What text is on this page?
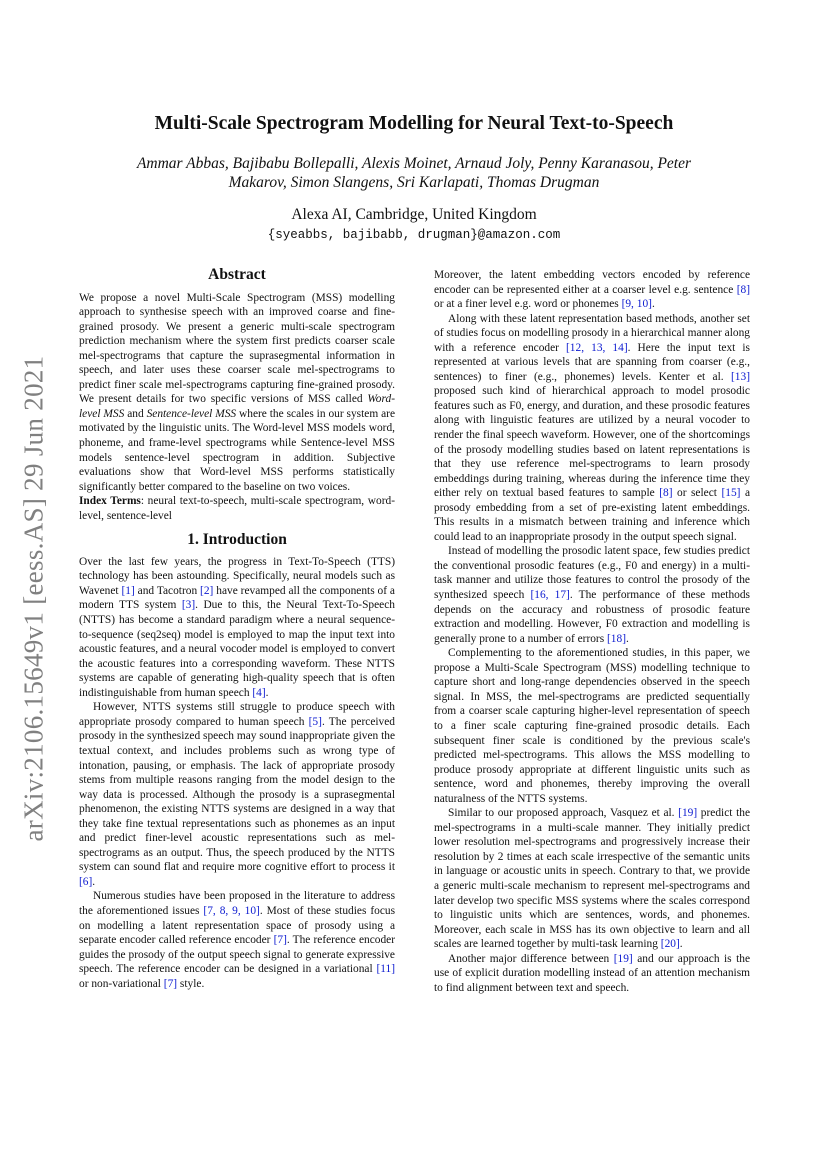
arXiv:2106.15649v1 [eess.AS] 29 Jun 2021
Multi-Scale Spectrogram Modelling for Neural Text-to-Speech
Ammar Abbas, Bajibabu Bollepalli, Alexis Moinet, Arnaud Joly, Penny Karanasou, Peter Makarov, Simon Slangens, Sri Karlapati, Thomas Drugman
Alexa AI, Cambridge, United Kingdom
{syeabbs, bajibabb, drugman}@amazon.com
Abstract

We propose a novel Multi-Scale Spectrogram (MSS) modelling approach to synthesise speech with an improved coarse and fine-grained prosody. We present a generic multi-scale spectrogram prediction mechanism where the system first predicts coarser scale mel-spectrograms that capture the suprasegmental information in speech, and later uses these coarser scale mel-spectrograms to predict finer scale mel-spectrograms capturing fine-grained prosody. We present details for two specific versions of MSS called Word-level MSS and Sentence-level MSS where the scales in our system are motivated by the linguistic units. The Word-level MSS models word, phoneme, and frame-level spectrograms while Sentence-level MSS models sentence-level spectrogram in addition. Subjective evaluations show that Word-level MSS performs statistically significantly better compared to the baseline on two voices.

Index Terms: neural text-to-speech, multi-scale spectrogram, word-level, sentence-level

1. Introduction

Over the last few years, the progress in Text-To-Speech (TTS) technology has been astounding. Specifically, neural models such as Wavenet [1] and Tacotron [2] have revamped all the components of a modern TTS system [3]. Due to this, the Neural Text-To-Speech (NTTS) has become a standard paradigm where a neural sequence-to-sequence (seq2seq) model is employed to map the input text into acoustic features, and a neural vocoder model is employed to convert the acoustic features into a corresponding waveform. These NTTS systems are capable of generating high-quality speech that is often indistinguishable from human speech [4].

However, NTTS systems still struggle to produce speech with appropriate prosody compared to human speech [5]. The perceived prosody in the synthesized speech may sound inappropriate given the textual context, and includes problems such as wrong type of intonation, pausing, or emphasis. The lack of appropriate prosody stems from multiple reasons ranging from the model design to the way data is processed. Although the prosody is a suprasegmental phenomenon, the existing NTTS systems are designed in a way that they take fine textual representations such as phonemes as an input and predict finer-level acoustic representations such as mel-spectrograms as an output. Thus, the speech produced by the NTTS system can sound flat and require more cognitive effort to process it [6].

Numerous studies have been proposed in the literature to address the aforementioned issues [7, 8, 9, 10]. Most of these studies focus on modelling a latent representation space of prosody using a separate encoder called reference encoder [7]. The reference encoder guides the prosody of the output speech signal to generate expressive speech. The reference encoder can be designed in a variational [11] or non-variational [7] style.

Moreover, the latent embedding vectors encoded by reference encoder can be represented either at a coarser level e.g. sentence [8] or at a finer level e.g. word or phonemes [9, 10].

Along with these latent representation based methods, another set of studies focus on modelling prosody in a hierarchical manner along with a reference encoder [12, 13, 14]. Here the input text is represented at various levels that are spanning from coarser (e.g., sentences) to finer (e.g., phonemes) levels. Kenter et al. [13] proposed such kind of hierarchical approach to model prosodic features such as F0, energy, and duration, and these prosodic features along with linguistic features are utilized by a neural vocoder to render the final speech waveform. However, one of the shortcomings of the prosody modelling studies based on latent representations is that they use reference mel-spectrograms to learn prosody embeddings during training, whereas during the inference time they either rely on textual based features to sample [8] or select [15] a prosody embedding from a set of pre-existing latent embeddings. This results in a mismatch between training and inference which could lead to an inappropriate prosody in the output speech signal.

Instead of modelling the prosodic latent space, few studies predict the conventional prosodic features (e.g., F0 and energy) in a multi-task manner and utilize those features to control the prosody of the synthesized speech [16, 17]. The performance of these methods depends on the accuracy and robustness of prosodic feature extraction and modelling. However, F0 extraction and modelling is generally prone to a number of errors [18].

Complementing to the aforementioned studies, in this paper, we propose a Multi-Scale Spectrogram (MSS) modelling technique to capture short and long-range dependencies observed in the speech signal. In MSS, the mel-spectrograms are predicted sequentially from a coarser scale capturing higher-level representation of speech to a finer scale capturing fine-grained prosodic details. Each subsequent finer scale is conditioned by the previous scale's predicted mel-spectrograms. This allows the MSS modelling to produce prosody appropriate at different linguistic units such as sentence, word and phonemes, thereby improving the overall naturalness of the NTTS systems.

Similar to our proposed approach, Vasquez et al. [19] predict the mel-spectrograms in a multi-scale manner. They initially predict lower resolution mel-spectrograms and progressively increase their resolution by 2 times at each scale irrespective of the semantic units in language or acoustic units in speech. Contrary to that, we provide a generic multi-scale mechanism to represent mel-spectrograms and later develop two specific MSS systems where the scales correspond to linguistic units which are sentences, words, and phonemes. Moreover, each scale in MSS has its own objective to learn and all scales are learned together by multi-task learning [20].

Another major difference between [19] and our approach is the use of explicit duration modelling instead of an attention mechanism to find alignment between text and speech.
